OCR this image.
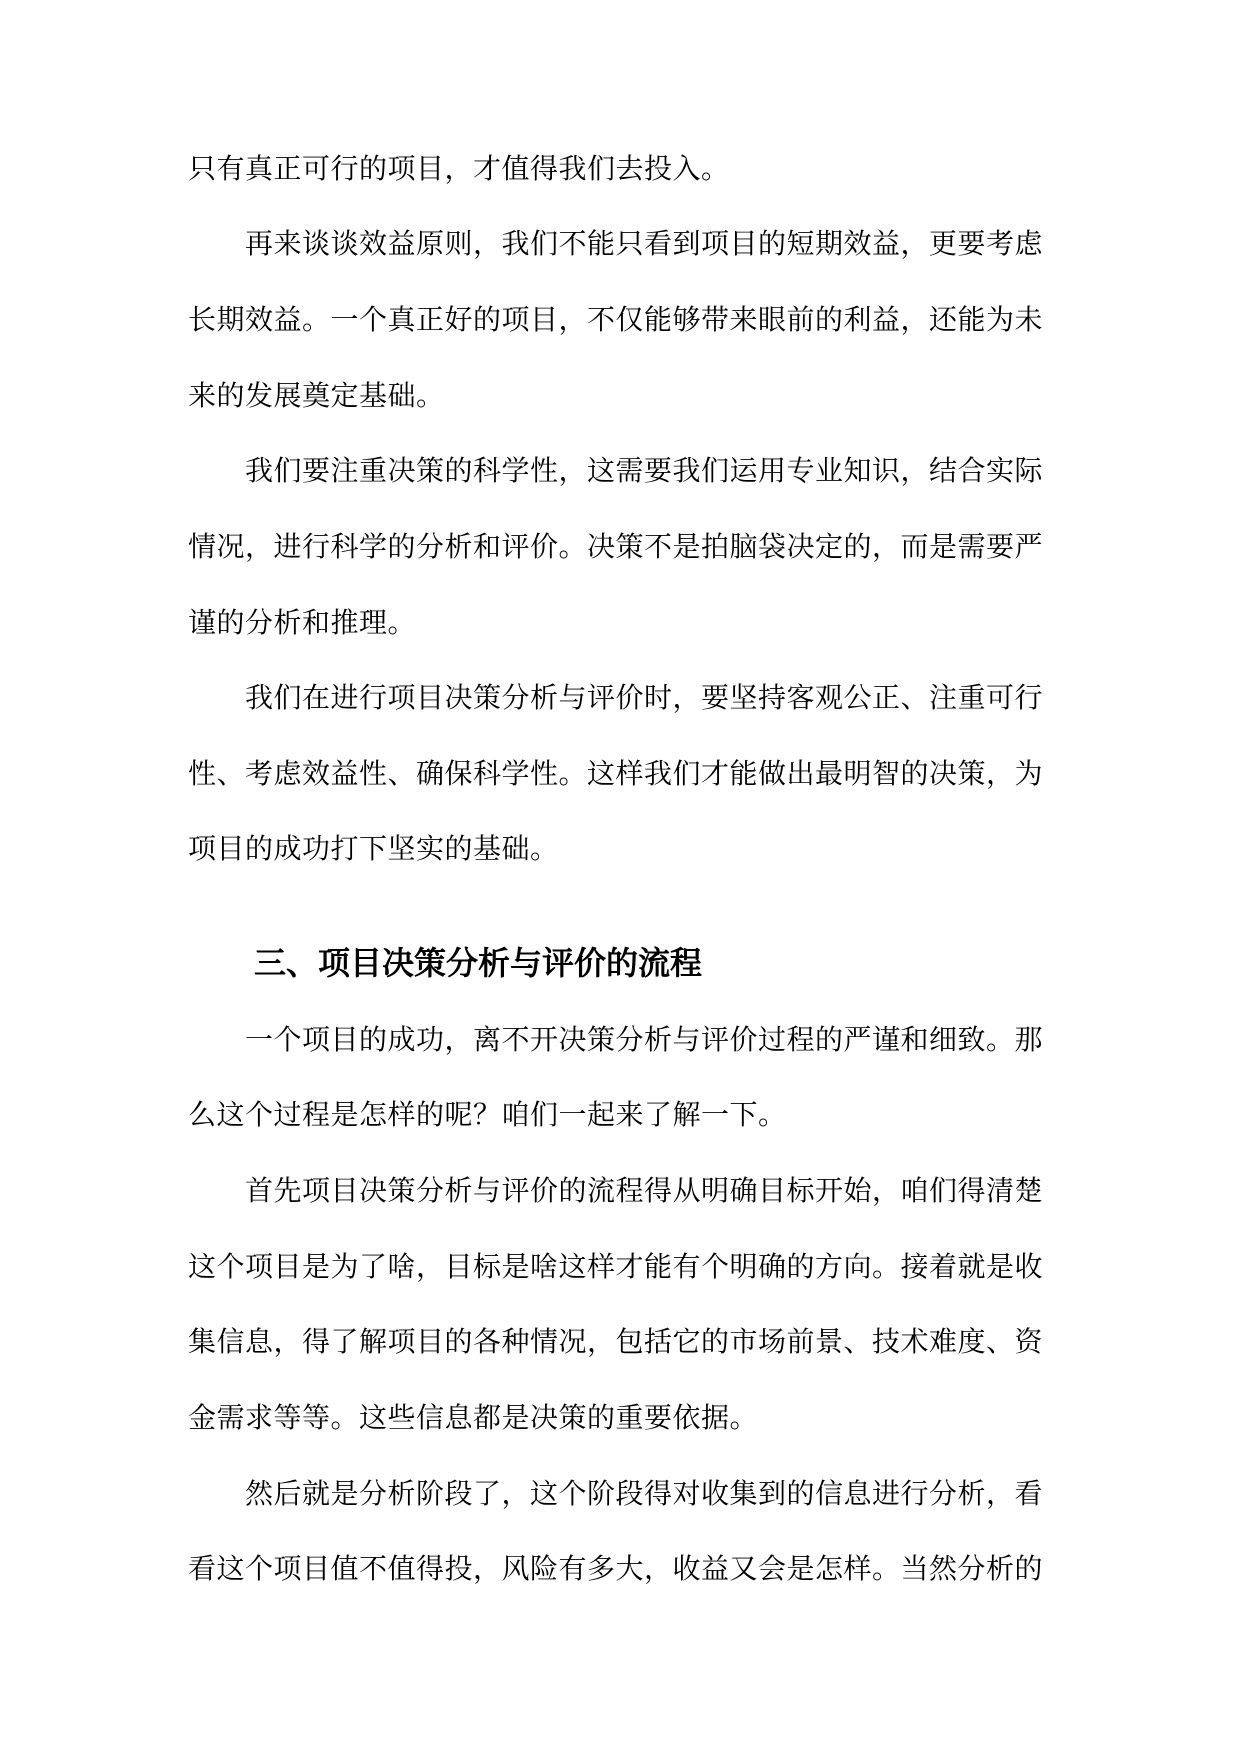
只有真正可行的项目，才值得我们去投入。
再来谈谈效益原则，我们不能只看到项目的短期效益，更要考虑
长期效益。一个真正好的项目，不仅能够带来眼前的利益，还能为未
来的发展奠定基础。
我们要注重决策的科学性，这需要我们运用专业知识，结合实际
情况，进行科学的分析和评价。决策不是拍脑袋决定的，而是需要严
谨的分析和推理。
我们在进行项目决策分析与评价时，要坚持客观公正、注重可行
性、考虑效益性、确保科学性。这样我们才能做出最明智的决策，为
项目的成功打下坚实的基础。
三、项目决策分析与评价的流程
一个项目的成功，离不开决策分析与评价过程的严谨和细致。那
么这个过程是怎样的呢？咱们一起来了解一下。
首先项目决策分析与评价的流程得从明确目标开始，咱们得清楚
这个项目是为了啥，目标是啥这样才能有个明确的方向。接着就是收
集信息，得了解项目的各种情况，包括它的市场前景、技术难度、资
金需求等等。这些信息都是决策的重要依据。
然后就是分析阶段了，这个阶段得对收集到的信息进行分析，看
看这个项目值不值得投，风险有多大，收益又会是怎样。当然分析的
